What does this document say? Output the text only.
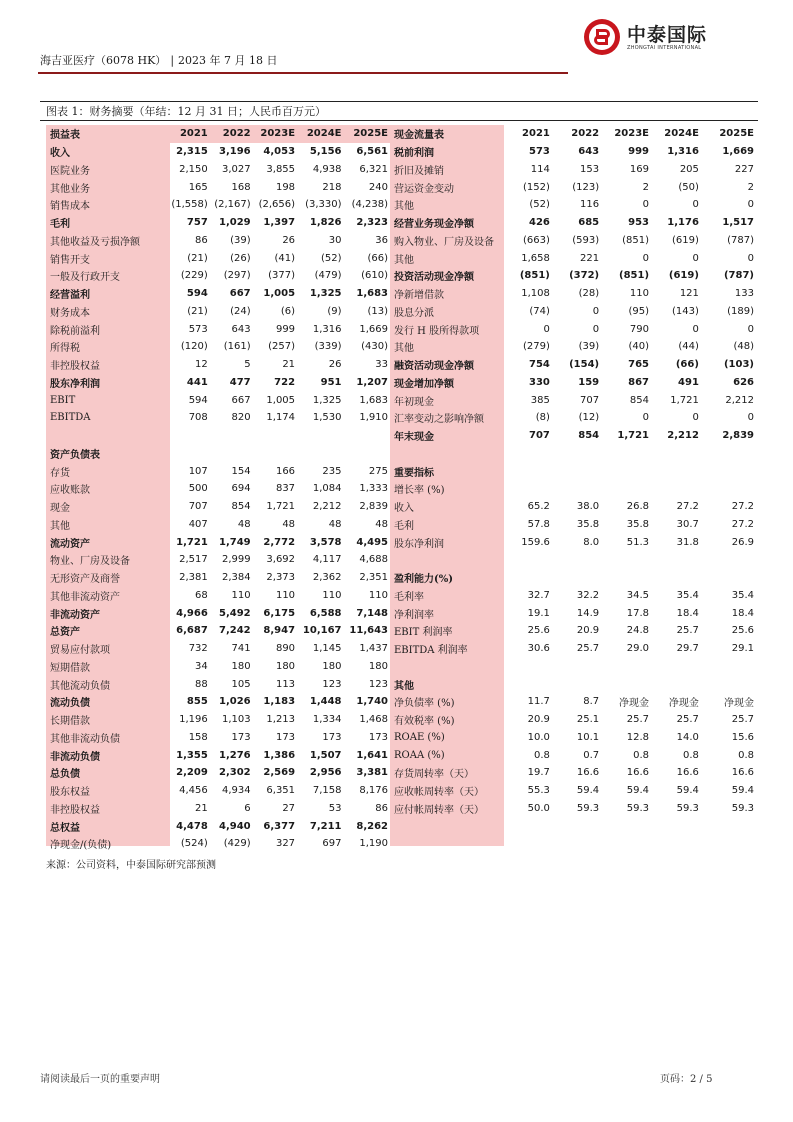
海吉亚医疗（6078 HK） | 2023 年 7 月 18 日
中泰国际
ZHONGTAI INTERNATIONAL
图表 1：财务摘要（年结：12 月 31 日；人民币百万元）
损益表	2021	2022	2023E	2024E	2025E
收入	2,315	3,196	4,053	5,156	6,561
医院业务	2,150	3,027	3,855	4,938	6,321
其他业务	165	168	198	218	240
销售成本	(1,558)	(2,167)	(2,656)	(3,330)	(4,238)
毛利	757	1,029	1,397	1,826	2,323
其他收益及亏损净额	86	(39)	26	30	36
销售开支	(21)	(26)	(41)	(52)	(66)
一般及行政开支	(229)	(297)	(377)	(479)	(610)
经营溢利	594	667	1,005	1,325	1,683
财务成本	(21)	(24)	(6)	(9)	(13)
除税前溢利	573	643	999	1,316	1,669
所得税	(120)	(161)	(257)	(339)	(430)
非控股权益	12	5	21	26	33
股东净利润	441	477	722	951	1,207
EBIT	594	667	1,005	1,325	1,683
EBITDA	708	820	1,174	1,530	1,910

资产负债表					
存货	107	154	166	235	275
应收账款	500	694	837	1,084	1,333
现金	707	854	1,721	2,212	2,839
其他	407	48	48	48	48
流动资产	1,721	1,749	2,772	3,578	4,495
物业、厂房及设备	2,517	2,999	3,692	4,117	4,688
无形资产及商誉	2,381	2,384	2,373	2,362	2,351
其他非流动资产	68	110	110	110	110
非流动资产	4,966	5,492	6,175	6,588	7,148
总资产	6,687	7,242	8,947	10,167	11,643
贸易应付款项	732	741	890	1,145	1,437
短期借款	34	180	180	180	180
其他流动负债	88	105	113	123	123
流动负债	855	1,026	1,183	1,448	1,740
长期借款	1,196	1,103	1,213	1,334	1,468
其他非流动负债	158	173	173	173	173
非流动负债	1,355	1,276	1,386	1,507	1,641
总负债	2,209	2,302	2,569	2,956	3,381
股东权益	4,456	4,934	6,351	7,158	8,176
非控股权益	21	6	27	53	86
总权益	4,478	4,940	6,377	7,211	8,262
净现金/(负债)	(524)	(429)	327	697	1,190
现金流量表	2021	2022	2023E	2024E	2025E
税前利润	573	643	999	1,316	1,669
折旧及摊销	114	153	169	205	227
营运资金变动	(152)	(123)	2	(50)	2
其他	(52)	116	0	0	0
经营业务现金净额	426	685	953	1,176	1,517
购入物业、厂房及设备	(663)	(593)	(851)	(619)	(787)
其他	1,658	221	0	0	0
投资活动现金净额	(851)	(372)	(851)	(619)	(787)
净新增借款	1,108	(28)	110	121	133
股息分派	(74)	0	(95)	(143)	(189)
发行 H 股所得款项	0	0	790	0	0
其他	(279)	(39)	(40)	(44)	(48)
融资活动现金净额	754	(154)	765	(66)	(103)
现金增加净额	330	159	867	491	626
年初现金	385	707	854	1,721	2,212
汇率变动之影响净额	(8)	(12)	0	0	0
年末现金	707	854	1,721	2,212	2,839

重要指标					
增长率 (%)					
收入	65.2	38.0	26.8	27.2	27.2
毛利	57.8	35.8	35.8	30.7	27.2
股东净利润	159.6	8.0	51.3	31.8	26.9

盈利能力(%)					
毛利率	32.7	32.2	34.5	35.4	35.4
净利润率	19.1	14.9	17.8	18.4	18.4
EBIT 利润率	25.6	20.9	24.8	25.7	25.6
EBITDA 利润率	30.6	25.7	29.0	29.7	29.1

其他					
净负债率 (%)	11.7	8.7	净现金	净现金	净现金
有效税率 (%)	20.9	25.1	25.7	25.7	25.7
ROAE (%)	10.0	10.1	12.8	14.0	15.6
ROAA (%)	0.8	0.7	0.8	0.8	0.8
存货周转率（天）	19.7	16.6	16.6	16.6	16.6
应收帐周转率（天）	55.3	59.4	59.4	59.4	59.4
应付帐周转率（天）	50.0	59.3	59.3	59.3	59.3
来源：公司资料，中泰国际研究部预测
请阅读最后一页的重要声明	页码：2 / 5
